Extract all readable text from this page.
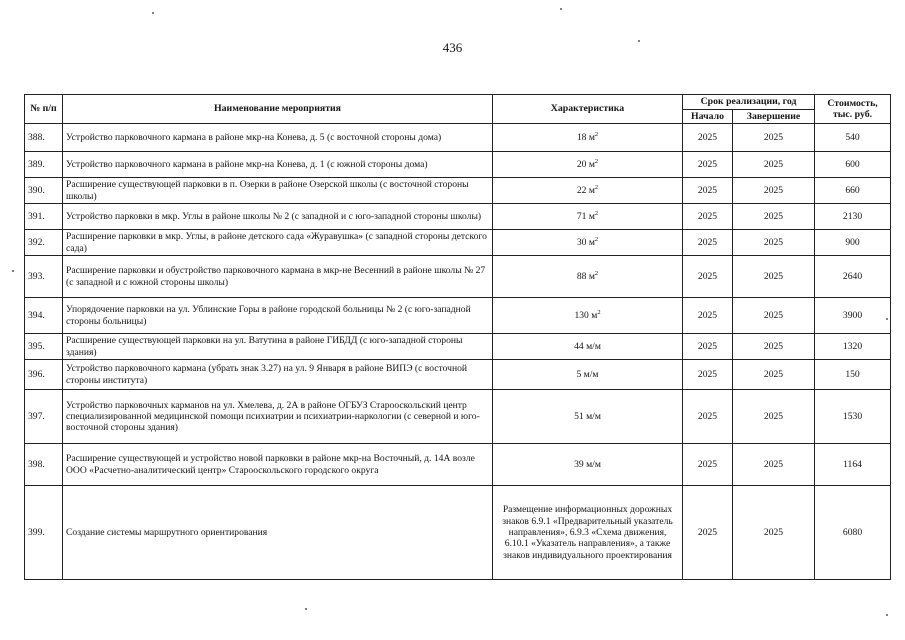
436
№ п/п	Наименование мероприятия	Характеристика	Срок реализации, год		Стоимость, тыс. руб.
			Начало	Завершение	
388.	Устройство парковочного кармана в районе мкр-на Конева, д. 5 (с восточной стороны дома)	18 $м^2$	2025	2025	540
389.	Устройство парковочного кармана в районе мкр-на Конева, д. 1 (с южной стороны дома)	20 $м^2$	2025	2025	600
390.	Расширение существующей парковки в п. Озерки в районе Озерской школы (с восточной стороны школы)	22 $м^2$	2025	2025	660
391.	Устройство парковки в мкр. Углы в районе школы № 2 (с западной и с юго-западной стороны школы)	71 $м^2$	2025	2025	2130
392.	Расширение парковки в мкр. Углы, в районе детского сада «Журавушка» (с западной стороны детского сада)	30 $м^2$	2025	2025	900
393.	Расширение парковки и обустройство парковочного кармана в мкр-не Весенний в районе школы № 27 (с западной и с южной стороны школы)	88 $м^2$	2025	2025	2640
394.	Упорядочение парковки на ул. Ублинские Горы в районе городской больницы № 2 (с юго-западной стороны больницы)	130 $м^2$	2025	2025	3900
395.	Расширение существующей парковки на ул. Ватутина в районе ГИБДД (с юго-западной стороны здания)	44 м/м	2025	2025	1320
396.	Устройство парковочного кармана (убрать знак 3.27) на ул. 9 Января в районе ВИПЭ (с восточной стороны института)	5 м/м	2025	2025	150
397.	Устройство парковочных карманов на ул. Хмелева, д. 2А в районе ОГБУЗ Старооскольский центр специализированной медицинской помощи психиатрии и психиатрии-наркологии (с северной и юго-восточной стороны здания)	51 м/м	2025	2025	1530
398.	Расширение существующей и устройство новой парковки в районе мкр-на Восточный, д. 14А возле ООО «Расчетно-аналитический центр» Старооскольского городского округа	39 м/м	2025	2025	1164
399.	Создание системы маршрутного ориентирования	Размещение информационных дорожных знаков 6.9.1 «Предварительный указатель направления», 6.9.3 «Схема движения, 6.10.1 «Указатель направления», а также знаков индивидуального проектирования	2025	2025	6080
